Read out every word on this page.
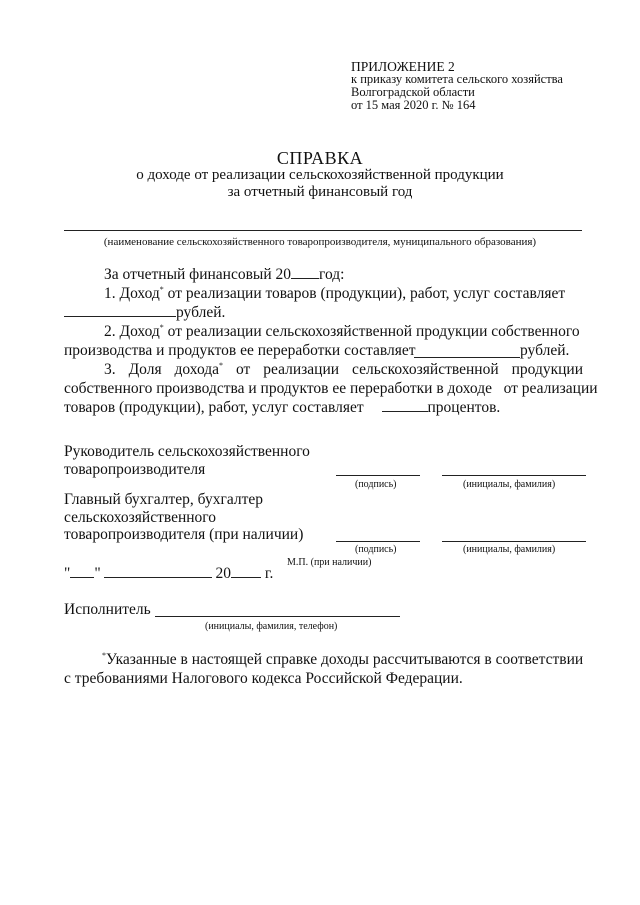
ПРИЛОЖЕНИЕ 2
к приказу комитета сельского хозяйства
Волгоградской области
от 15 мая 2020 г. № 164
СПРАВКА
о доходе от реализации сельскохозяйственной продукции
за отчетный финансовый год
(наименование сельскохозяйственного товаропроизводителя, муниципального образования)
За отчетный финансовый 20 год:
1. Доход* от реализации товаров (продукции), работ, услуг составляет
рублей.
2. Доход* от реализации сельскохозяйственной продукции собственного
производства и продуктов ее переработки составляет	рублей.
3. Доля дохода* от реализации сельскохозяйственной продукции
собственного производства и продуктов ее переработки в доходе   от реализации
товаров (продукции), работ, услуг составляет	процентов.
Руководитель сельскохозяйственного
товаропроизводителя
(подпись)	(инициалы, фамилия)
Главный бухгалтер, бухгалтер
сельскохозяйственного
товаропроизводителя (при наличии)
(подпись)	(инициалы, фамилия)
М.П. (при наличии)
" "	20 г.
Исполнитель
(инициалы, фамилия, телефон)
*Указанные в настоящей справке доходы рассчитываются в соответствии
с требованиями Налогового кодекса Российской Федерации.
